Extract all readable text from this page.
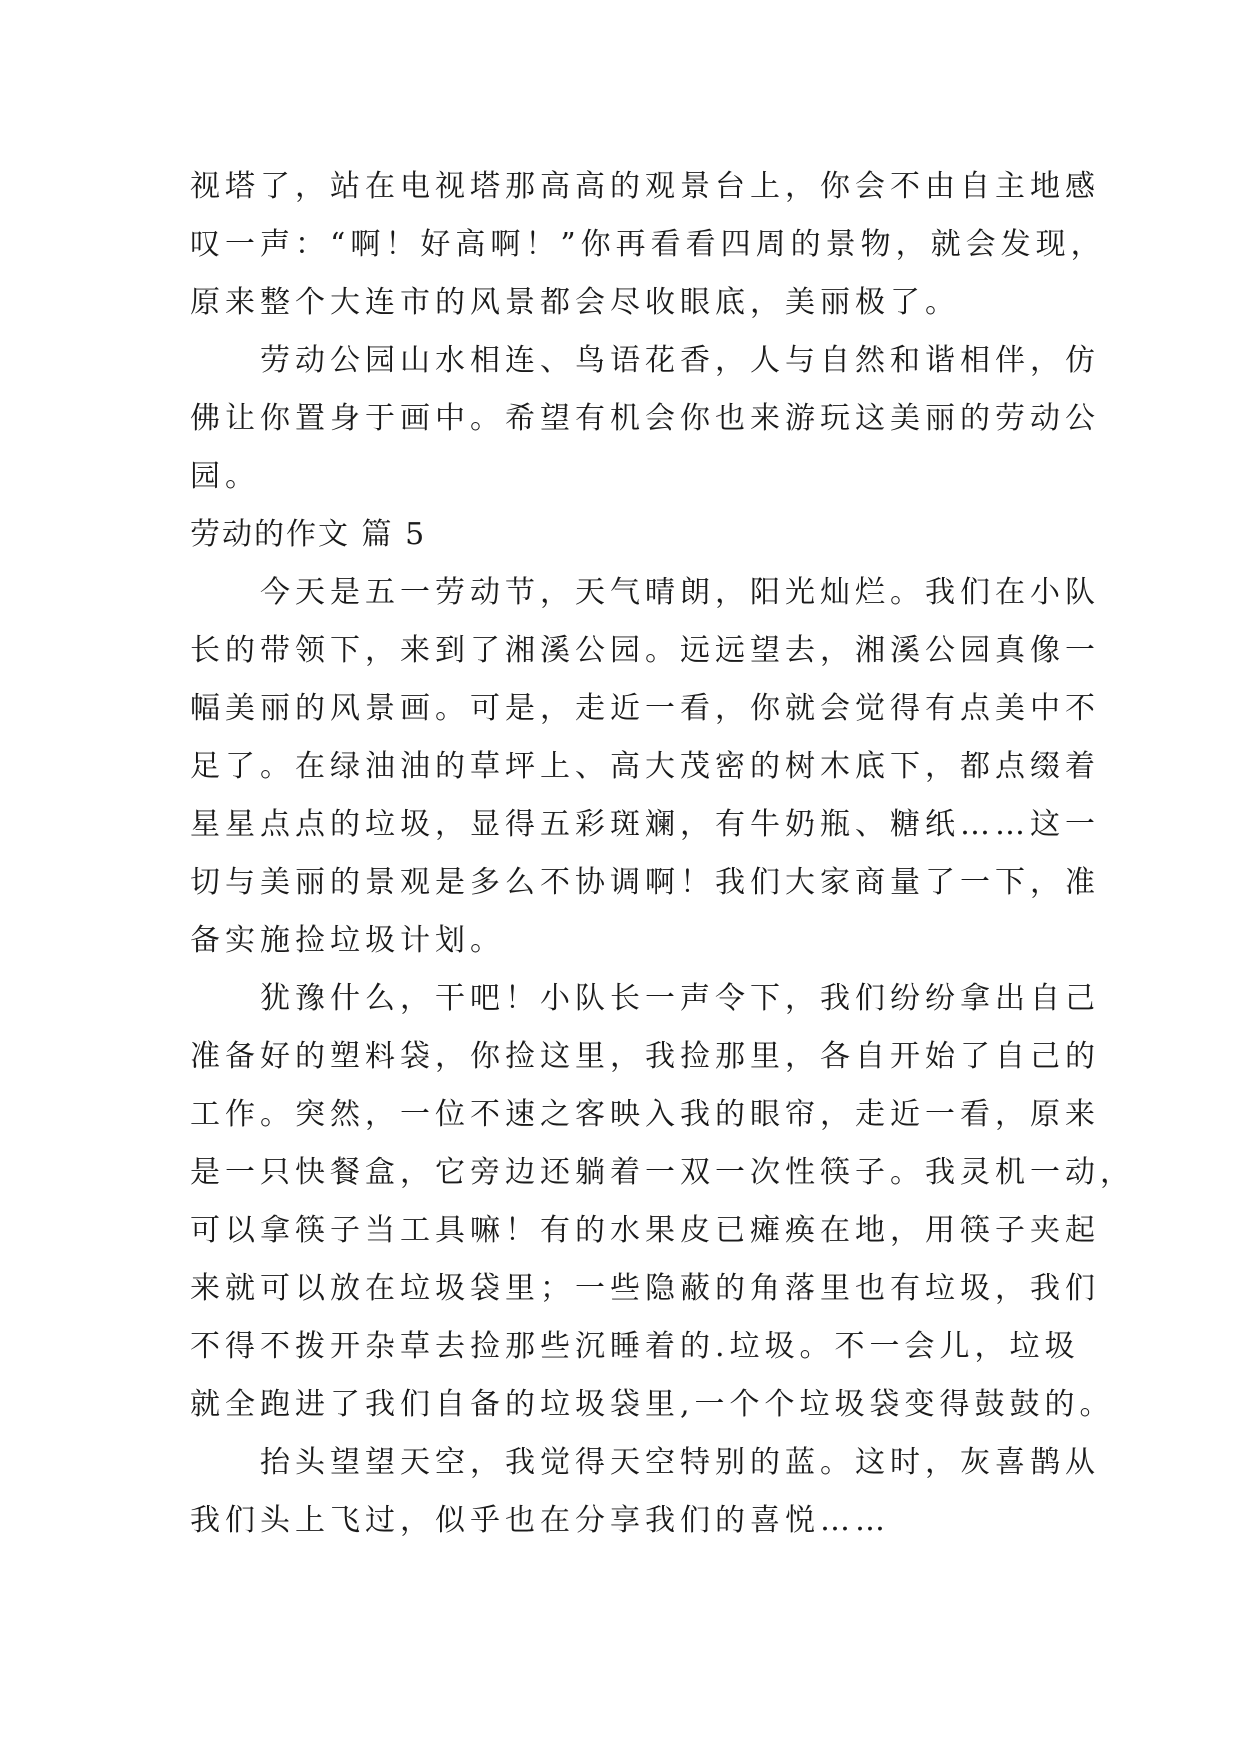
视塔了，站在电视塔那高高的观景台上，你会不由自主地感
叹一声：“啊！好高啊！”你再看看四周的景物，就会发现，
原来整个大连市的风景都会尽收眼底，美丽极了。
劳动公园山水相连、鸟语花香，人与自然和谐相伴，仿
佛让你置身于画中。希望有机会你也来游玩这美丽的劳动公
园。
劳动的作文 篇 5
今天是五一劳动节，天气晴朗，阳光灿烂。我们在小队
长的带领下，来到了湘溪公园。远远望去，湘溪公园真像一
幅美丽的风景画。可是，走近一看，你就会觉得有点美中不
足了。在绿油油的草坪上、高大茂密的树木底下，都点缀着
星星点点的垃圾，显得五彩斑斓，有牛奶瓶、糖纸……这一
切与美丽的景观是多么不协调啊！我们大家商量了一下，准
备实施捡垃圾计划。
犹豫什么，干吧！小队长一声令下，我们纷纷拿出自己
准备好的塑料袋，你捡这里，我捡那里，各自开始了自己的
工作。突然，一位不速之客映入我的眼帘，走近一看，原来
是一只快餐盒，它旁边还躺着一双一次性筷子。我灵机一动，
可以拿筷子当工具嘛！有的水果皮已瘫痪在地，用筷子夹起
来就可以放在垃圾袋里；一些隐蔽的角落里也有垃圾，我们
不得不拨开杂草去捡那些沉睡着的.垃圾。不一会儿，垃圾
就全跑进了我们自备的垃圾袋里,一个个垃圾袋变得鼓鼓的。
抬头望望天空，我觉得天空特别的蓝。这时，灰喜鹊从
我们头上飞过，似乎也在分享我们的喜悦……
